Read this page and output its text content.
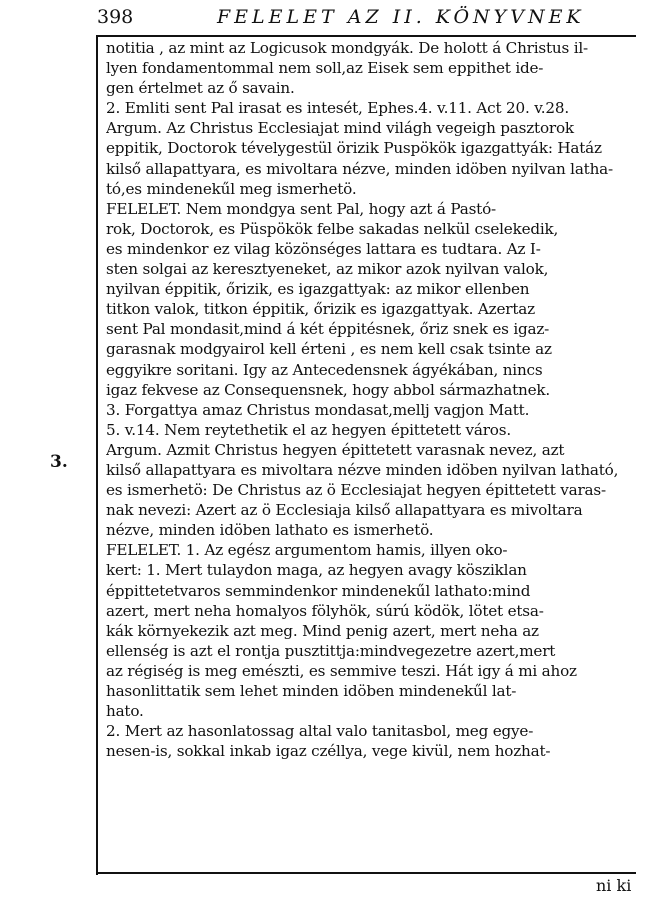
398	FELELET AZ II. KÖNYVNEK
3.
notitia , az mint az Logicusok mondgyák. De holott á Christus il-
lyen fondamentommal nem soll,az Eisek sem eppithet ide-
gen értelmet az ő savain.
2. Emliti sent Pal irasat es intesét, Ephes.4. v.11. Act 20. v.28.
Argum. Az Christus Ecclesiajat mind világh vegeigh pasztorok
eppitik, Doctorok tévelygestül örizik Puspökök igazgattyák: Hatáz
kilső allapattyara, es mivoltara nézve, minden idöben nyilvan latha-
tó,es mindenekűl meg ismerhetö.
FELELET. Nem mondgya sent Pal, hogy azt á Pastó-
rok, Doctorok, es Püspökök felbe sakadas nelkül cselekedik,
es mindenkor ez vilag közönséges lattara es tudtara. Az I-
sten solgai az keresztyeneket, az mikor azok nyilvan valok,
nyilvan éppitik, őrizik, es igazgattyak: az mikor ellenben
titkon valok, titkon éppitik, őrizik es igazgattyak. Azertaz
sent Pal mondasit,mind á két éppitésnek, őriz snek es igaz-
garasnak modgyairol kell érteni , es nem kell csak tsinte az
eggyikre soritani. Igy az Antecedensnek ágyékában, nincs
igaz fekvese az Consequensnek, hogy abbol sármazhatnek.
3. Forgattya amaz Christus mondasat,mellj vagjon Matt.
5. v.14. Nem reytethetik el az hegyen épittetett város.
Argum. Azmit Christus hegyen épittetett varasnak nevez, azt
kilső allapattyara es mivoltara nézve minden idöben nyilvan latható,
es ismerhetö: De Christus az ö Ecclesiajat hegyen épittetett varas-
nak nevezi: Azert az ö Ecclesiaja kilső allapattyara es mivoltara
nézve, minden idöben lathato es ismerhetö.
FELELET. 1. Az egész argumentom hamis, illyen oko-
kert: 1. Mert tulaydon maga, az hegyen avagy kösziklan
éppittetetvaros semmindenkor mindenekűl lathato:mind
azert, mert neha homalyos fölyhök, súrú ködök, lötet etsa-
kák környekezik azt meg. Mind penig azert, mert neha az
ellenség is azt el rontja pusztittja:mindvegezetre azert,mert
az régiség is meg emészti, es semmive teszi. Hát igy á mi ahoz
hasonlittatik sem lehet minden idöben mindenekűl lat-
hato.
2. Mert az hasonlatossag altal valo tanitasbol, meg egye-
nesen-is, sokkal inkab igaz czéllya, vege kivül, nem hozhat-
ni ki
